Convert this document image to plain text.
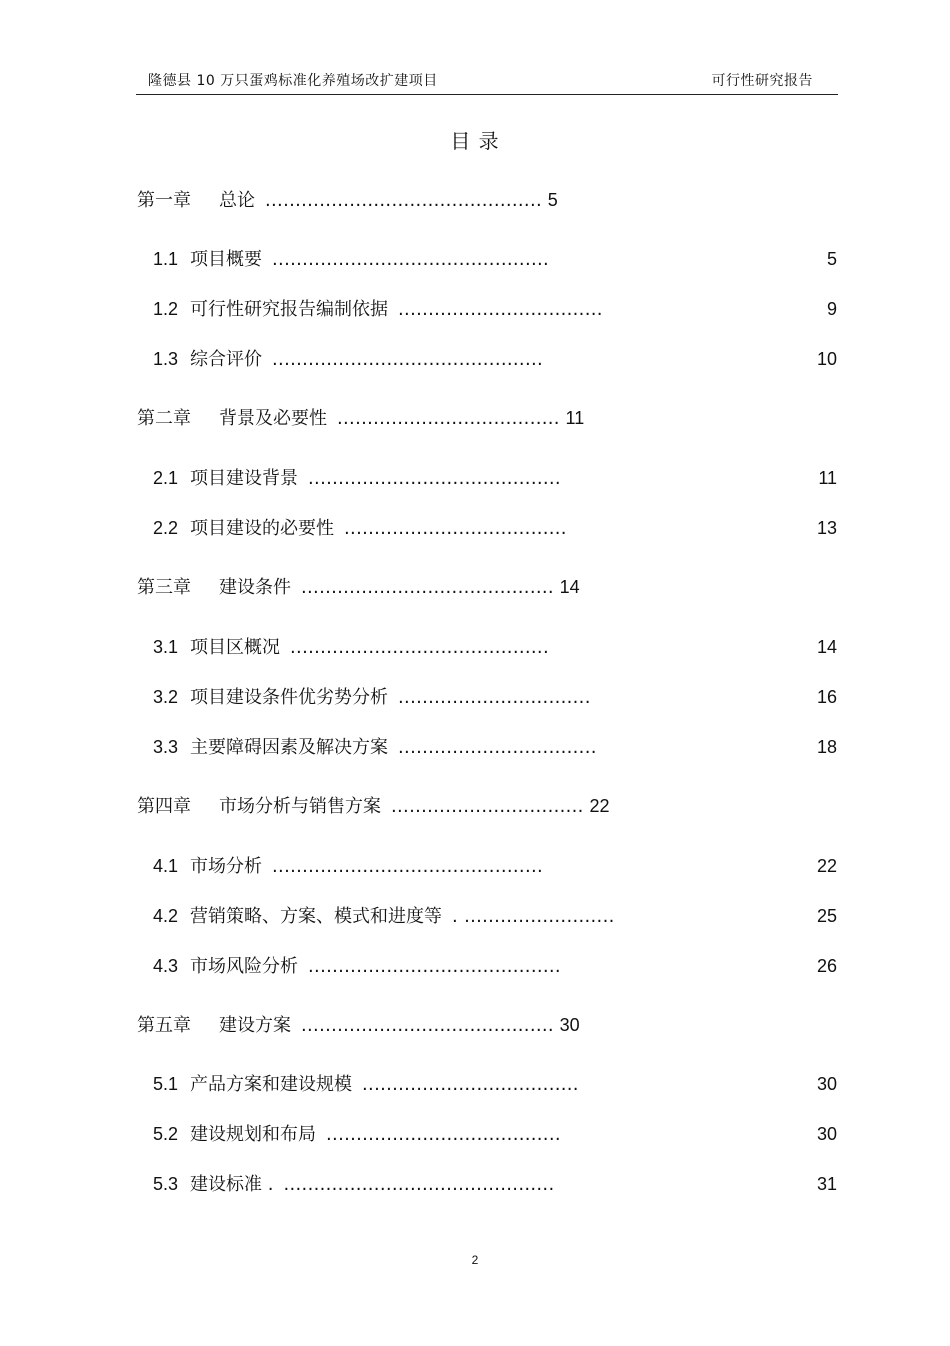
隆德县 10 万只蛋鸡标准化养殖场改扩建项目	可行性研究报告
目 录
第一章 总论 .............................................. 5
1.1 项目概要 ..............................................	5
1.2 可行性研究报告编制依据 ..................................	9
1.3 综合评价 .............................................	10
第二章 背景及必要性 ..................................... 11
2.1 项目建设背景 ..........................................	11
2.2 项目建设的必要性 .....................................	13
第三章 建设条件 .......................................... 14
3.1 项目区概况 ...........................................	14
3.2项目建设条件优劣势分析 ................................	16
3.3 主要障碍因素及解决方案 .................................	18
第四章 市场分析与销售方案 ................................ 22
4.1 市场分析 .............................................	22
4.2 营销策略、方案、模式和进度等 . .........................	25
4.3 市场风险分析 ..........................................	26
第五章 建设方案 .......................................... 30
5.1 产品方案和建设规模 ....................................	30
5.2 建设规划和布局 .......................................	30
5.3 建设标准 . .............................................	31
2
